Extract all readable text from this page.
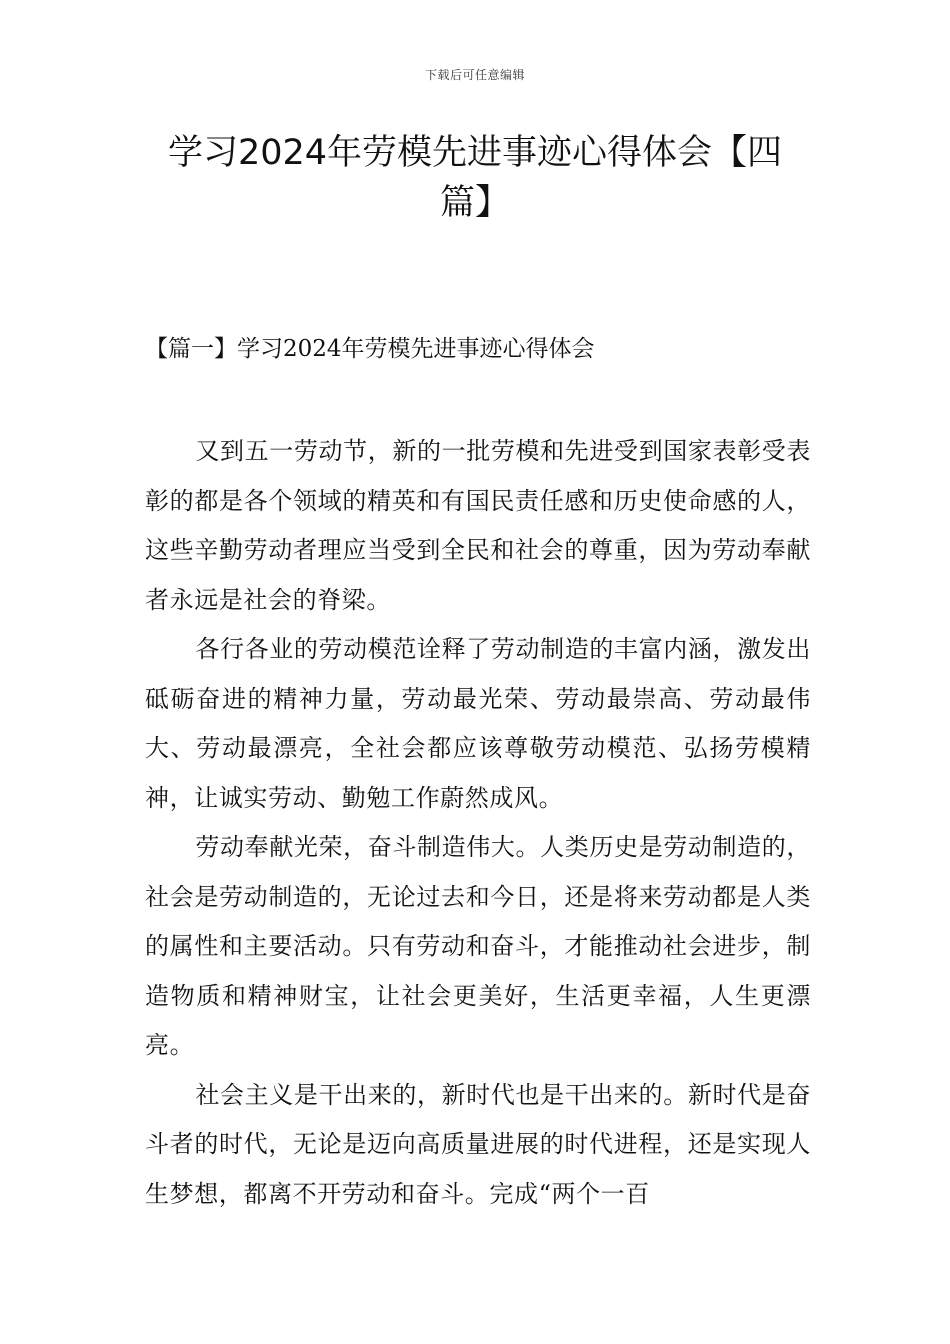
下载后可任意编辑
学习2024年劳模先进事迹心得体会【四篇】
【篇一】学习2024年劳模先进事迹心得体会

又到五一劳动节，新的一批劳模和先进受到国家表彰受表彰的都是各个领域的精英和有国民责任感和历史使命感的人，这些辛勤劳动者理应当受到全民和社会的尊重，因为劳动奉献者永远是社会的脊梁。

各行各业的劳动模范诠释了劳动制造的丰富内涵，激发出砥砺奋进的精神力量，劳动最光荣、劳动最崇高、劳动最伟大、劳动最漂亮，全社会都应该尊敬劳动模范、弘扬劳模精神，让诚实劳动、勤勉工作蔚然成风。

劳动奉献光荣，奋斗制造伟大。人类历史是劳动制造的，社会是劳动制造的，无论过去和今日，还是将来劳动都是人类的属性和主要活动。只有劳动和奋斗，才能推动社会进步，制造物质和精神财宝，让社会更美好，生活更幸福，人生更漂亮。

社会主义是干出来的，新时代也是干出来的。新时代是奋斗者的时代，无论是迈向高质量进展的时代进程，还是实现人生梦想，都离不开劳动和奋斗。完成“两个一百
